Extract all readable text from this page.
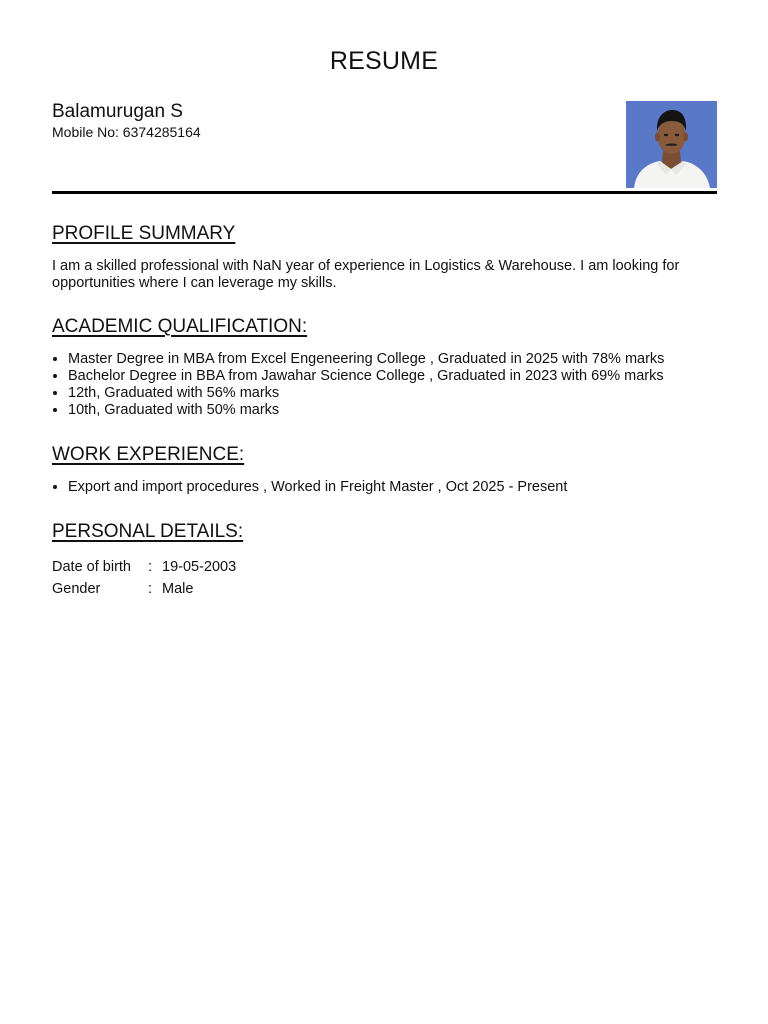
RESUME
Balamurugan S
Mobile No: 6374285164
PROFILE SUMMARY
I am a skilled professional with NaN year of experience in Logistics & Warehouse. I am looking for opportunities where I can leverage my skills.
ACADEMIC QUALIFICATION:
• Master Degree in MBA from Excel Engeneering College , Graduated in 2025 with 78% marks
• Bachelor Degree in BBA from Jawahar Science College , Graduated in 2023 with 69% marks
• 12th, Graduated with 56% marks
• 10th, Graduated with 50% marks
WORK EXPERIENCE:
• Export and import procedures , Worked in Freight Master , Oct 2025 - Present
PERSONAL DETAILS:
Date of birth	: 19-05-2003
Gender	: Male
